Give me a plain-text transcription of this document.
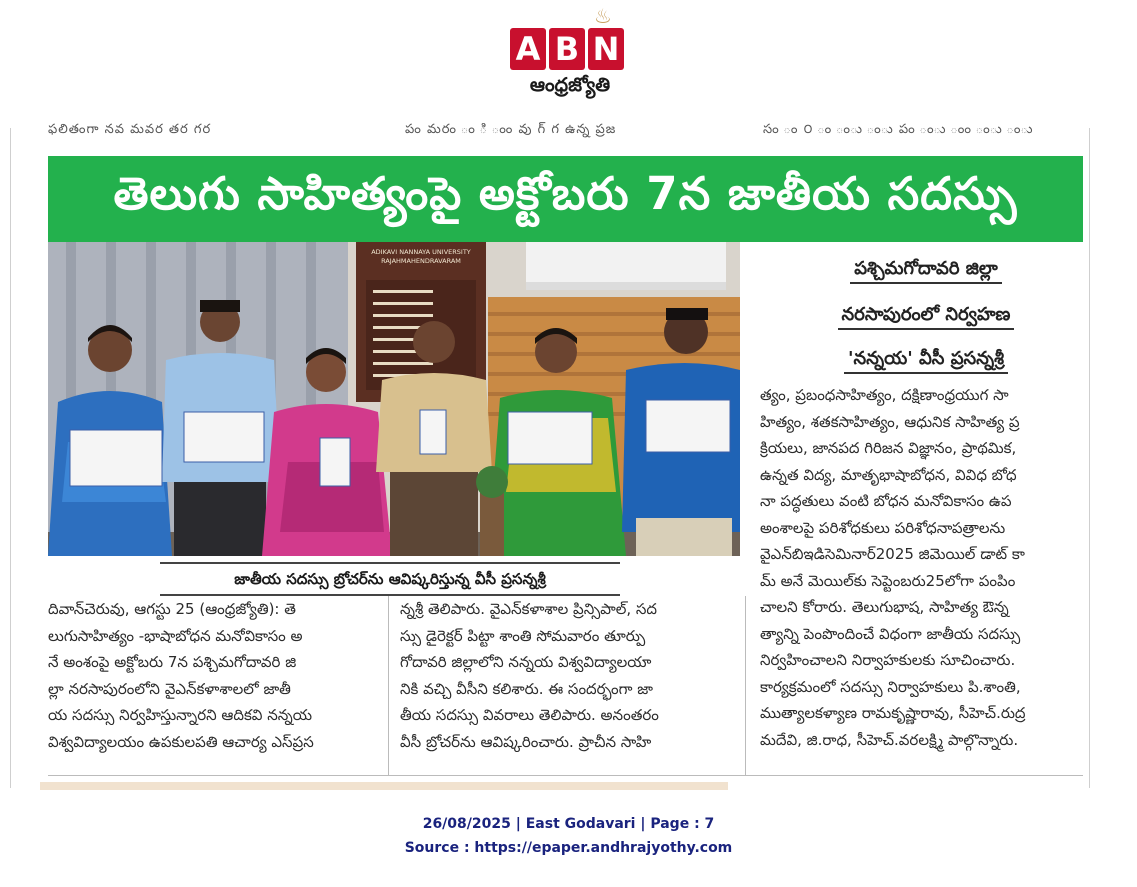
♨
A B N
ఆంధ్రజ్యోతి
ఫలితంగా నవ మవర తర గర	పం మరం ం ి ంం వు గ్ గ ఉన్న ప్రజ	సం ం ౦ ం ంు ంు పం ంు ంం ంు ంు
తెలుగు సాహిత్యంపై అక్టోబరు 7న జాతీయ సదస్సు
ADIKAVI NANNAYA UNIVERSITY
RAJAHMAHENDRAVARAM
జాతీయ సదస్సు బ్రోచర్‌ను ఆవిష్కరిస్తున్న వీసీ ప్రసన్నశ్రీ
పశ్చిమగోదావరి జిల్లా
నరసాపురంలో నిర్వహణ
'నన్నయ' వీసీ ప్రసన్నశ్రీ

దివాన్‌చెరువు, ఆగస్టు 25 (ఆంధ్రజ్యోతి): తె

లుగుసాహిత్యం -భాషాబోధన మనోవికాసం అ

నే అంశంపై అక్టోబరు 7న పశ్చిమగోదావరి జి

ల్లా నరసాపురంలోని వైఎన్‌కళాశాలలో జాతీ

య సదస్సు నిర్వహిస్తున్నారని ఆదికవి నన్నయ

విశ్వవిద్యాలయం ఉపకులపతి ఆచార్య ఎస్‌ప్రస

న్నశ్రీ తెలిపారు. వైఎన్‌కళాశాల ప్రిన్సిపాల్‌, సద

స్సు డైరెక్టర్‌ పిట్టా శాంతి సోమవారం తూర్పు

గోదావరి జిల్లాలోని నన్నయ విశ్వవిద్యాలయా

నికి వచ్చి వీసీని కలిశారు. ఈ సందర్భంగా జా

తీయ సదస్సు వివరాలు తెలిపారు. అనంతరం

వీసీ బ్రోచర్‌ను ఆవిష్కరించారు. ప్రాచీన సాహి

త్యం, ప్రబంధసాహిత్యం, దక్షిణాంధ్రయుగ సా

హిత్యం, శతకసాహిత్యం, ఆధునిక సాహిత్య ప్ర

క్రియలు, జానపద గిరిజన విజ్ఞానం, ప్రాథమిక,

ఉన్నత విద్య, మాతృభాషాబోధన, వివిధ బోధ

నా పద్ధతులు వంటి బోధన మనోవికాసం ఉప

అంశాలపై పరిశోధకులు పరిశోధనాపత్రాలను

వైఎన్‌బిఇడిసెమినార్‌2025 జిమెయిల్ డాట్‌ కా

మ్‌ అనే మెయిల్‌కు సెప్టెంబరు25లోగా పంపిం

చాలని కోరారు. తెలుగుభాష, సాహిత్య ఔన్న

త్యాన్ని పెంపొందించే విధంగా జాతీయ సదస్సు

నిర్వహించాలని నిర్వాహకులకు సూచించారు.

కార్యక్రమంలో సదస్సు నిర్వాహకులు పి.శాంతి,

ముత్యాలకళ్యాణ రామకృష్ణారావు, సీహెచ్‌.రుద్ర

మదేవి, జి.రాధ, సీహెచ్‌.వరలక్ష్మి పాల్గొన్నారు.

26/08/2025 | East Godavari | Page : 7
Source : https://epaper.andhrajyothy.com
